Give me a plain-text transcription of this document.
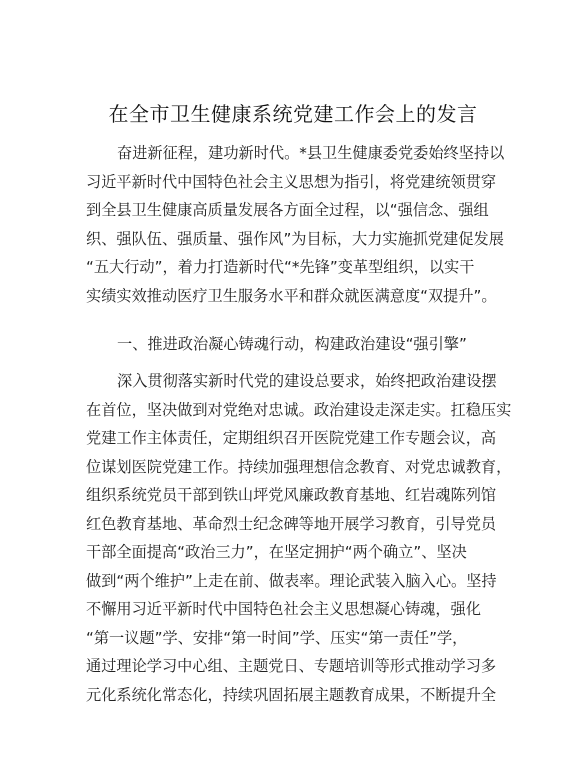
在全市卫生健康系统党建工作会上的发言
奋进新征程，建功新时代。*县卫生健康委党委始终坚持以
习近平新时代中国特色社会主义思想为指引，将党建统领贯穿
到全县卫生健康高质量发展各方面全过程，以“强信念、强组
织、强队伍、强质量、强作风”为目标，大力实施抓党建促发展
“五大行动”，着力打造新时代“*先锋”变革型组织，以实干
实绩实效推动医疗卫生服务水平和群众就医满意度“双提升”。
一、推进政治凝心铸魂行动，构建政治建设“强引擎”
深入贯彻落实新时代党的建设总要求，始终把政治建设摆
在首位，坚决做到对党绝对忠诚。政治建设走深走实。扛稳压实
党建工作主体责任，定期组织召开医院党建工作专题会议，高
位谋划医院党建工作。持续加强理想信念教育、对党忠诚教育，
组织系统党员干部到铁山坪党风廉政教育基地、红岩魂陈列馆
红色教育基地、革命烈士纪念碑等地开展学习教育，引导党员
干部全面提高“政治三力”，在坚定拥护“两个确立”、坚决
做到“两个维护”上走在前、做表率。理论武装入脑入心。坚持
不懈用习近平新时代中国特色社会主义思想凝心铸魂，强化
“第一议题”学、安排“第一时间”学、压实“第一责任”学，
通过理论学习中心组、主题党日、专题培训等形式推动学习多
元化系统化常态化，持续巩固拓展主题教育成果，不断提升全
